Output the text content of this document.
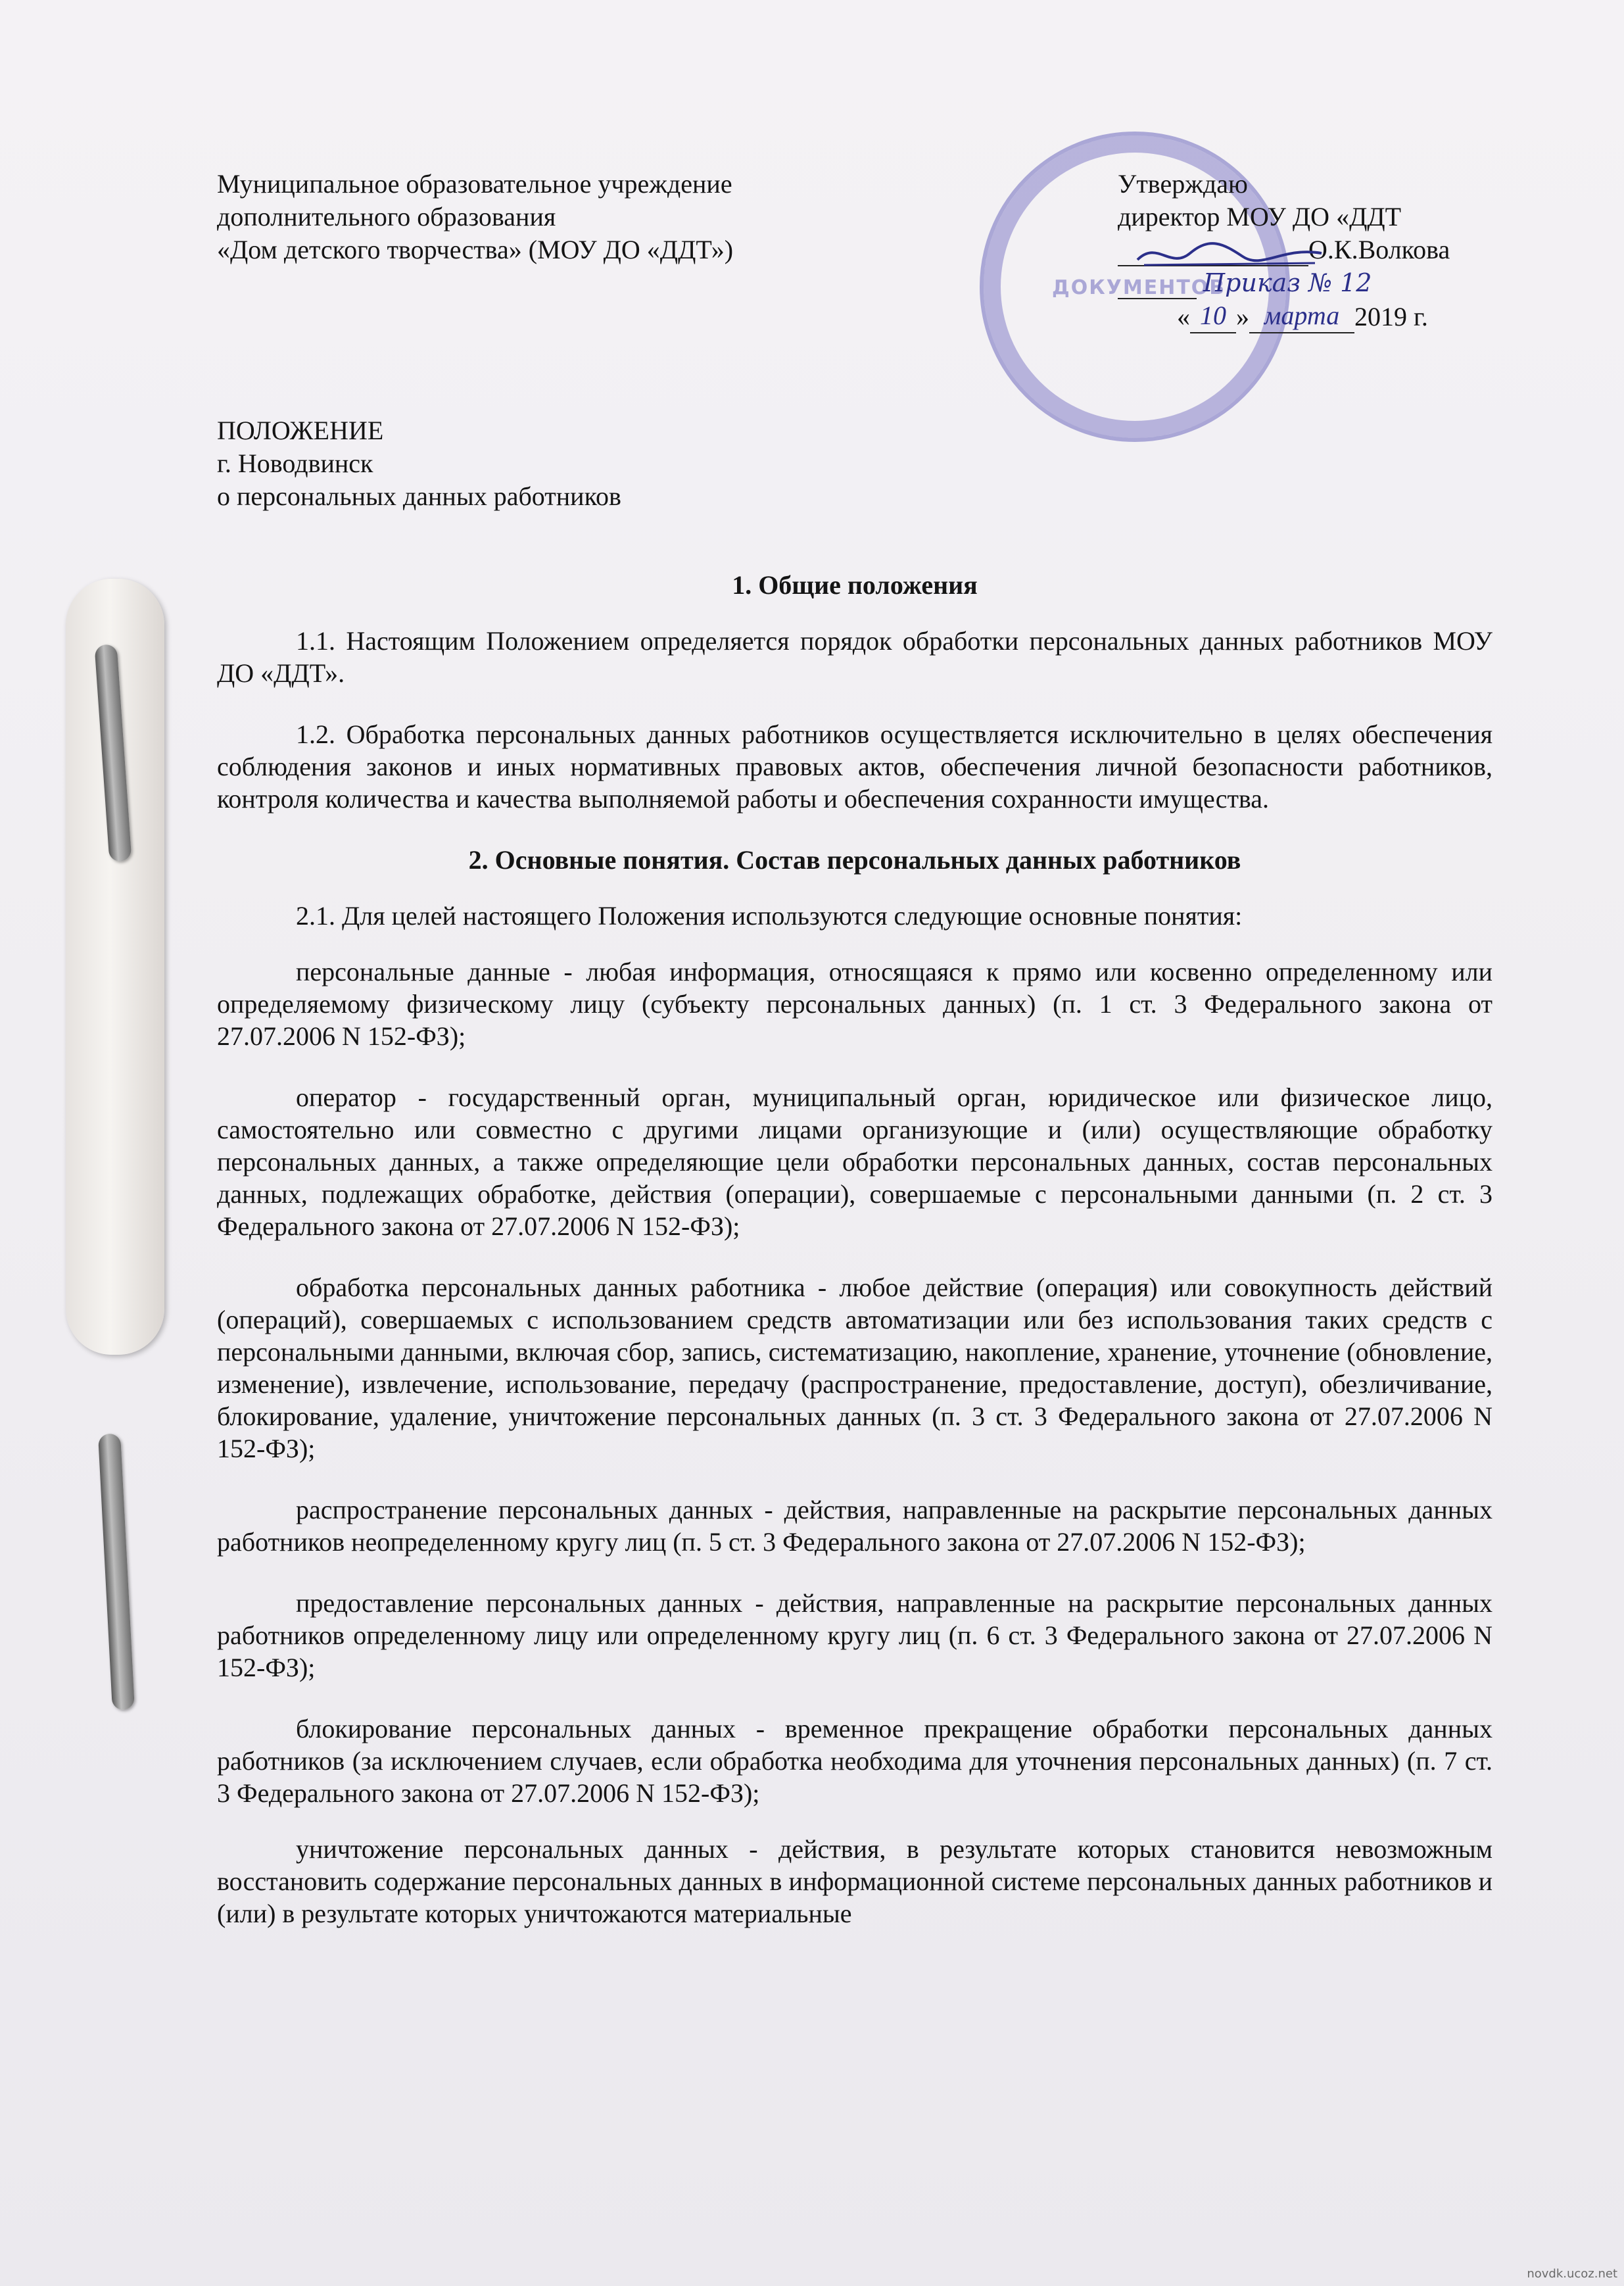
Муниципальное образовательное учреждение
дополнительного образования
«Дом детского творчества» (МОУ ДО «ДДТ»)
ДОКУМЕНТОВ
Утверждаю
директор МОУ ДО «ДДТ
О.К.Волкова
Приказ № 12
« 10 » марта 2019 г.
ПОЛОЖЕНИЕ
г. Новодвинск
о персональных данных работников
1. Общие положения

1.1. Настоящим Положением определяется порядок обработки персональных данных работников МОУ ДО «ДДТ».

1.2. Обработка персональных данных работников осуществляется исключительно в целях обеспечения соблюдения законов и иных нормативных правовых актов, обеспечения личной безопасности работников, контроля количества и качества выполняемой работы и обеспечения сохранности имущества.

2. Основные понятия. Состав персональных данных работников

2.1. Для целей настоящего Положения используются следующие основные понятия:

персональные данные - любая информация, относящаяся к прямо или косвенно определенному или определяемому физическому лицу (субъекту персональных данных) (п. 1 ст. 3 Федерального закона от 27.07.2006 N 152-ФЗ);

оператор - государственный орган, муниципальный орган, юридическое или физическое лицо, самостоятельно или совместно с другими лицами организующие и (или) осуществляющие обработку персональных данных, а также определяющие цели обработки персональных данных, состав персональных данных, подлежащих обработке, действия (операции), совершаемые с персональными данными (п. 2 ст. 3 Федерального закона от 27.07.2006 N 152-ФЗ);

обработка персональных данных работника - любое действие (операция) или совокупность действий (операций), совершаемых с использованием средств автоматизации или без использования таких средств с персональными данными, включая сбор, запись, систематизацию, накопление, хранение, уточнение (обновление, изменение), извлечение, использование, передачу (распространение, предоставление, доступ), обезличивание, блокирование, удаление, уничтожение персональных данных (п. 3 ст. 3 Федерального закона от 27.07.2006 N 152-ФЗ);

распространение персональных данных - действия, направленные на раскрытие персональных данных работников неопределенному кругу лиц (п. 5 ст. 3 Федерального закона от 27.07.2006 N 152-ФЗ);

предоставление персональных данных - действия, направленные на раскрытие персональных данных работников определенному лицу или определенному кругу лиц (п. 6 ст. 3 Федерального закона от 27.07.2006 N 152-ФЗ);

блокирование персональных данных - временное прекращение обработки персональных данных работников (за исключением случаев, если обработка необходима для уточнения персональных данных) (п. 7 ст. 3 Федерального закона от 27.07.2006 N 152-ФЗ);

уничтожение персональных данных - действия, в результате которых становится невозможным восстановить содержание персональных данных в информационной системе персональных данных работников и (или) в результате которых уничтожаются материальные

novdk.ucoz.net
